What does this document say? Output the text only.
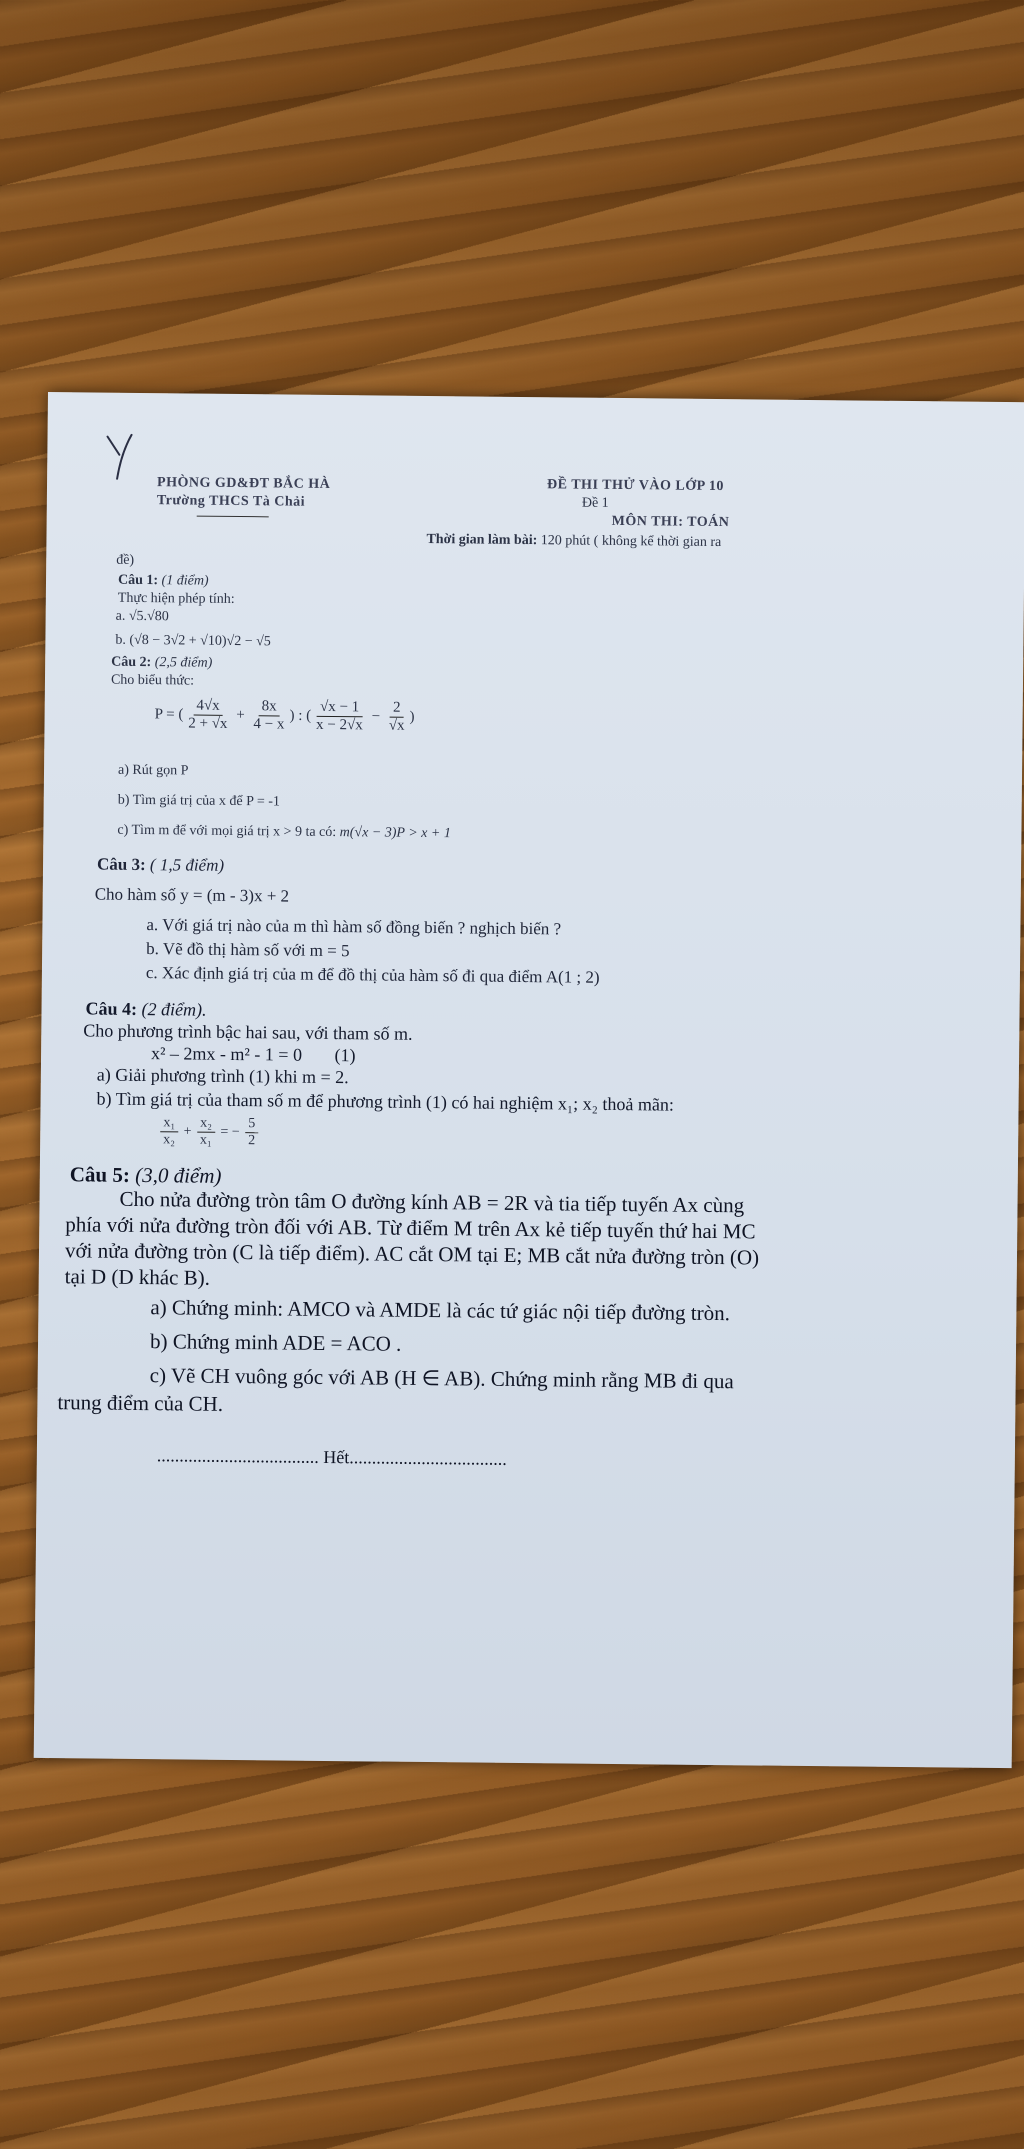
PHÒNG GD&ĐT BẮC HÀ
Trường THCS Tà Chải
ĐỀ THI THỬ VÀO LỚP 10
Đề 1
MÔN THI: TOÁN
Thời gian làm bài: 120 phút ( không kể thời gian ra
đề)
Câu 1: (1 điểm)
Thực hiện phép tính:
a. √5.√80
b. (√8 − 3√2 + √10)√2 − √5
Câu 2: (2,5 điểm)
Cho biểu thức:
P = ( $\frac{4√x}{2 + √x} + \frac{8x}{4 - x}$ ) : ( $\frac{√x - 1}{x - 2√x} - \frac{2}{√x}$ )
a) Rút gọn P
b) Tìm giá trị của x để P = -1
c) Tìm m để với mọi giá trị x > 9 ta có: m(√x − 3)P > x + 1
Câu 3: ( 1,5 điểm)
Cho hàm số y = (m - 3)x + 2
a. Với giá trị nào của m thì hàm số đồng biến ? nghịch biến ?
b. Vẽ đồ thị hàm số với m = 5
c. Xác định giá trị của m để đồ thị của hàm số đi qua điểm A(1 ; 2)
Câu 4: (2 điểm).
Cho phương trình bậc hai sau, với tham số m.
x² – 2mx - m² - 1 = 0 (1)
a) Giải phương trình (1) khi m = 2.
b) Tìm giá trị của tham số m để phương trình (1) có hai nghiệm x₁; x₂ thoả mãn:
$\frac{\text{x₁}}{\text{x₂}} + \frac{\text{x₂}}{\text{x₁}}$ = − $\frac{5}{2}$
Câu 5: (3,0 điểm)
Cho nửa đường tròn tâm O đường kính AB = 2R và tia tiếp tuyến Ax cùng
phía với nửa đường tròn đối với AB. Từ điểm M trên Ax kẻ tiếp tuyến thứ hai MC
với nửa đường tròn (C là tiếp điểm). AC cắt OM tại E; MB cắt nửa đường tròn (O)
tại D (D khác B).
a) Chứng minh: AMCO và AMDE là các tứ giác nội tiếp đường tròn.
b) Chứng minh ADE = ACO .
c) Vẽ CH vuông góc với AB (H ∈ AB). Chứng minh rằng MB đi qua
trung điểm của CH.
.................................... Hết...................................
